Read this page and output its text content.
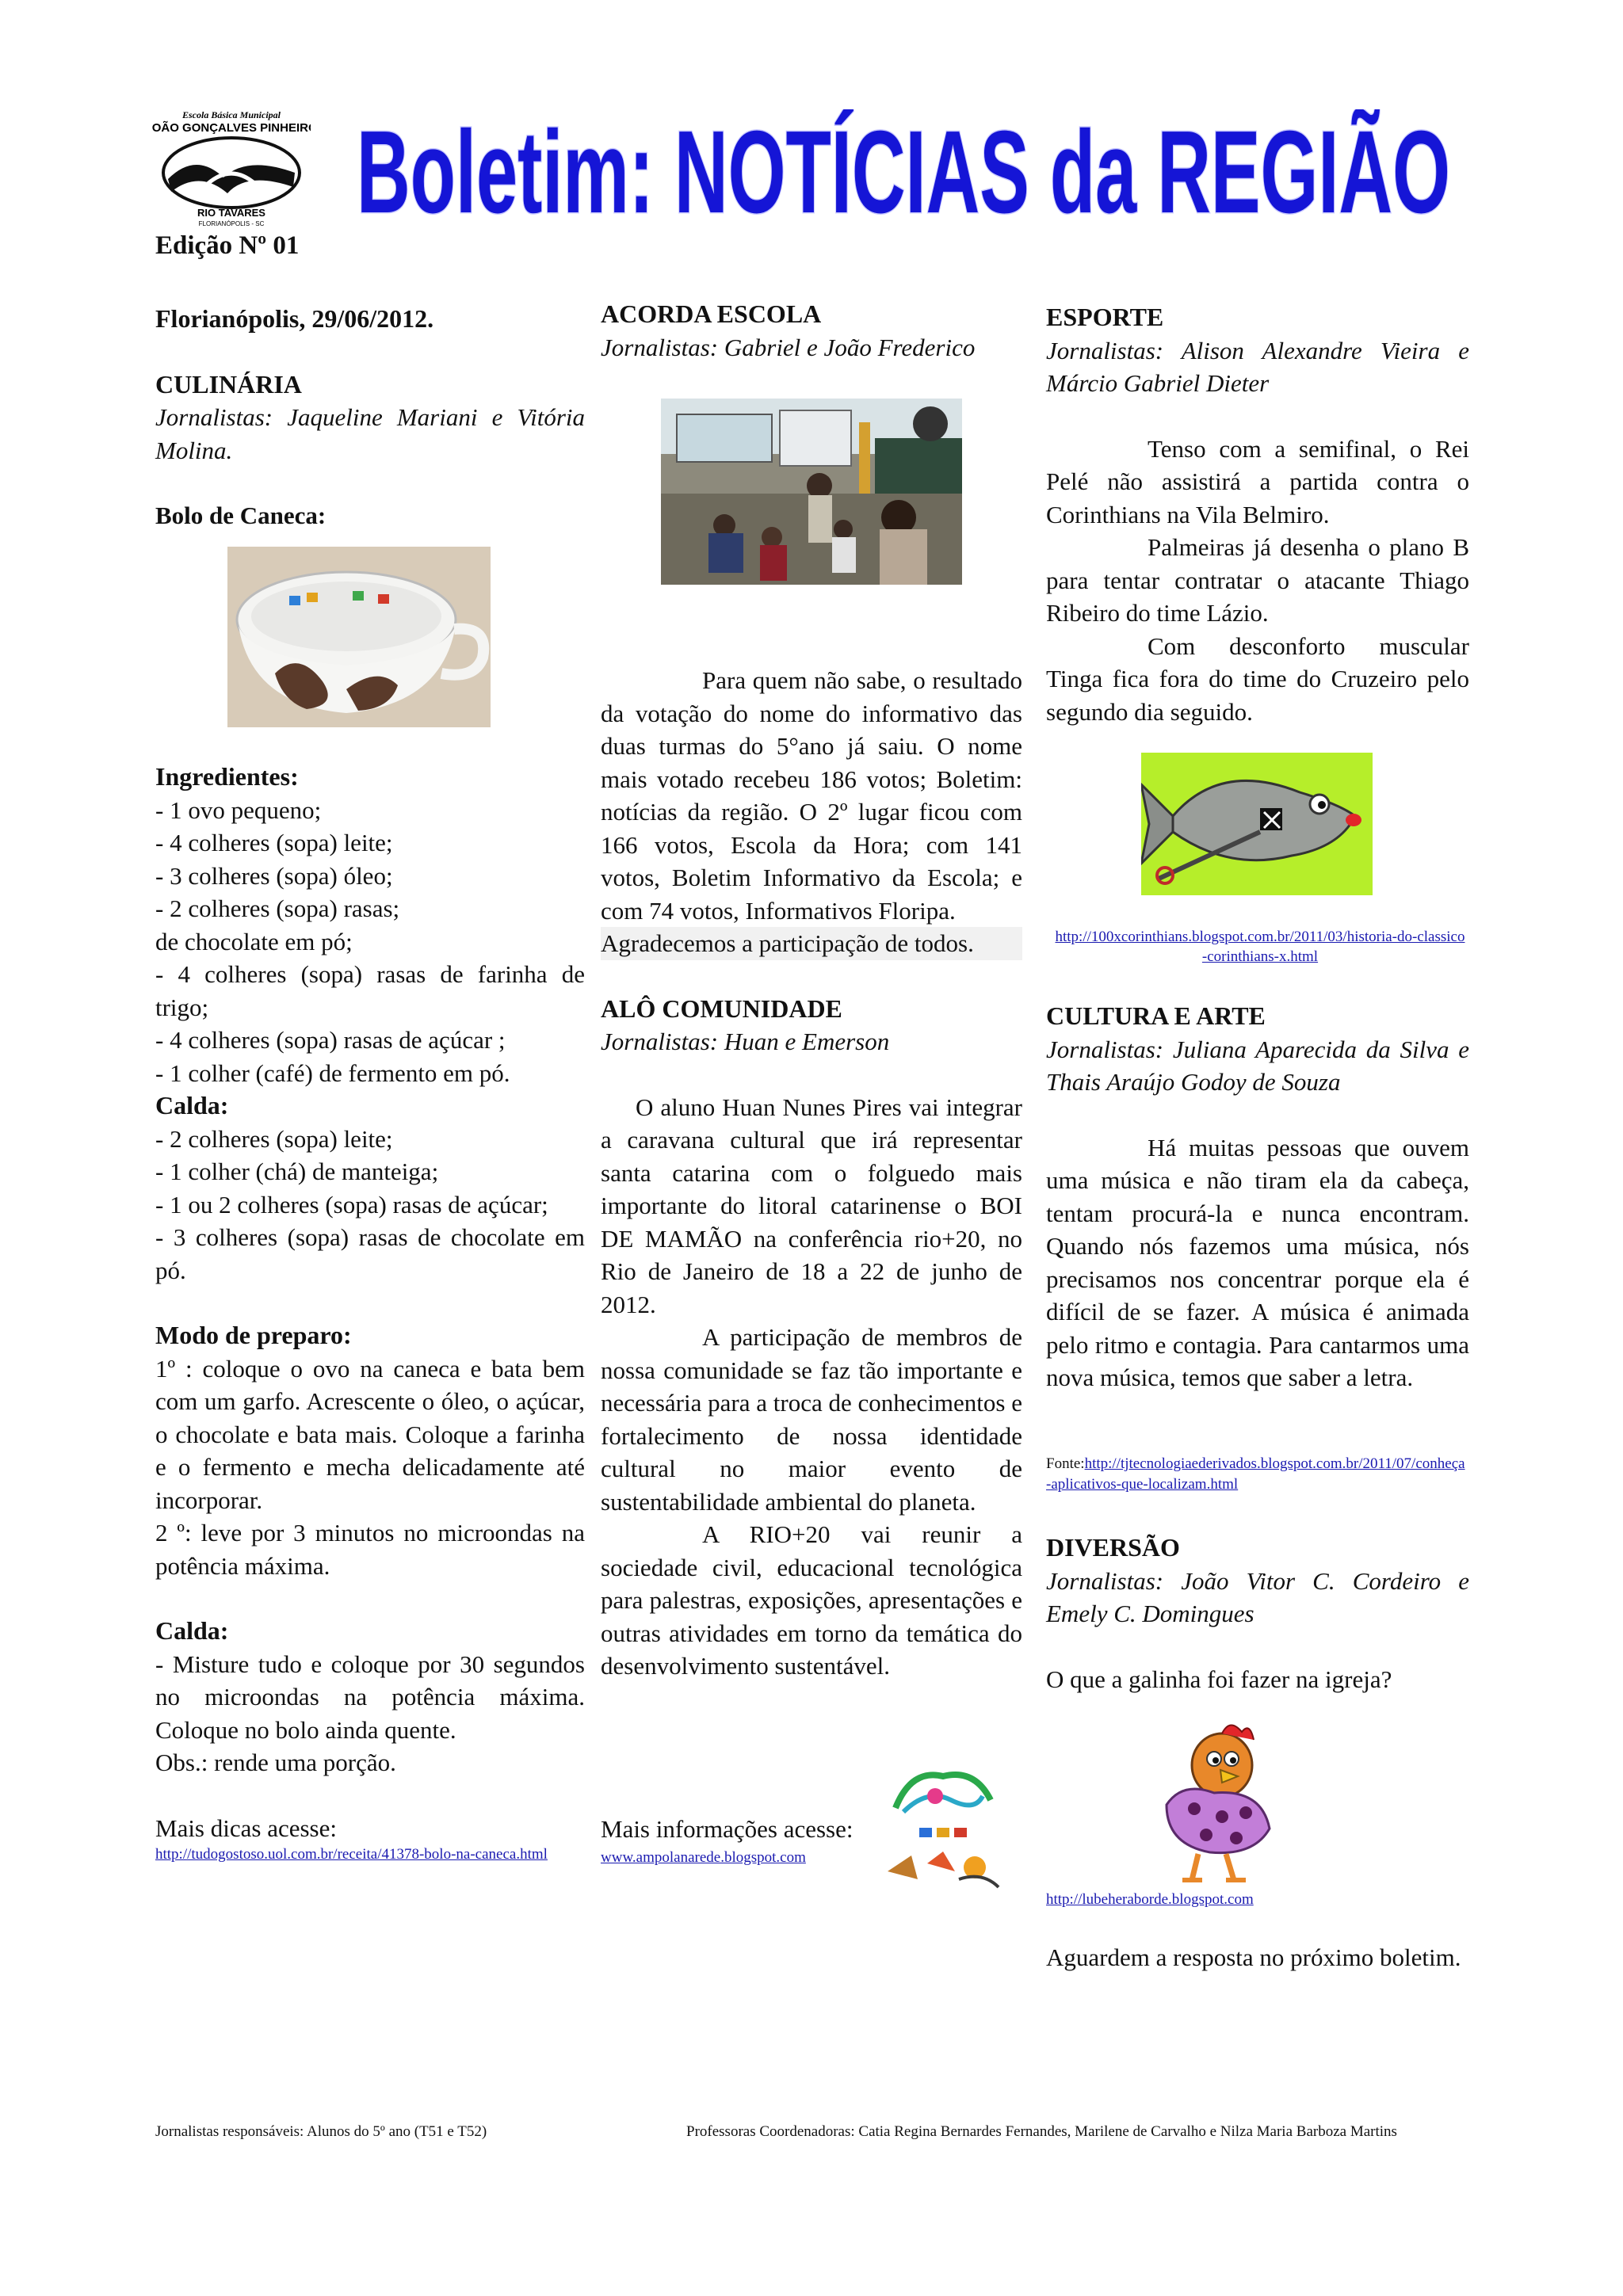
Escola Básica Municipal
JOÃO GONÇALVES PINHEIRO
RIO TAVARES
FLORIANÓPOLIS - SC Boletim: NOTÍCIAS da REGIÃO
Edição Nº 01

Florianópolis, 29/06/2012.

CULINÁRIA

Jornalistas: Jaqueline Mariani e Vitória Molina.

Bolo de Caneca:

Ingredientes:

- 1 ovo pequeno;

- 4 colheres (sopa) leite;

- 3 colheres (sopa) óleo;

- 2 colheres (sopa) rasas;

de chocolate em pó;

- 4 colheres (sopa) rasas de farinha de trigo;

- 4 colheres (sopa) rasas de açúcar ;

- 1 colher (café) de fermento em pó.

Calda:

- 2 colheres (sopa) leite;

- 1 colher (chá) de manteiga;

- 1 ou 2 colheres (sopa) rasas de açúcar;

- 3 colheres (sopa) rasas de chocolate em pó.

Modo de preparo:

1º : coloque o ovo na caneca e bata bem com um garfo. Acrescente o óleo, o açúcar, o chocolate e bata mais. Coloque a farinha e o fermento e mecha delicadamente até incorporar.

2 º: leve por 3 minutos no microondas na potência máxima.

Calda:

- Misture tudo e coloque por 30 segundos no microondas na potência máxima. Coloque no bolo ainda quente.

Obs.: rende uma porção.

Mais dicas acesse:

http://tudogostoso.uol.com.br/receita/41378-bolo-na-caneca.html

ACORDA ESCOLA

Jornalistas: Gabriel e João Frederico

Para quem não sabe, o resultado da votação do nome do informativo das duas turmas do 5°ano já saiu. O nome mais votado recebeu 186 votos; Boletim: notícias da região. O 2º lugar ficou com 166 votos, Escola da Hora; com 141 votos, Boletim Informativo da Escola; e com 74 votos, Informativos Floripa.

Agradecemos a participação de todos.

ALÔ COMUNIDADE

Jornalistas: Huan e Emerson

O aluno Huan Nunes Pires vai integrar a caravana cultural que irá representar santa catarina com o folguedo mais importante do litoral catarinense o BOI DE MAMÃO na conferência rio+20, no Rio de Janeiro de 18 a 22 de junho de 2012.

A participação de membros de nossa comunidade se faz tão importante e necessária para a troca de conhecimentos e fortalecimento de nossa identidade cultural no maior evento de sustentabilidade ambiental do planeta.

A RIO+20 vai reunir a sociedade civil, educacional tecnológica para palestras, exposições, apresentações e outras atividades em torno da temática do desenvolvimento sustentável.

Mais informações acesse:
www.ampolanarede.blogspot.com

ESPORTE

Jornalistas: Alison Alexandre Vieira e Márcio Gabriel Dieter

Tenso com a semifinal, o Rei Pelé não assistirá a partida contra o Corinthians na Vila Belmiro.

Palmeiras já desenha o plano B para tentar contratar o atacante Thiago Ribeiro do time Lázio.

Com desconforto muscular Tinga fica fora do time do Cruzeiro pelo segundo dia seguido.

http://100xcorinthians.blogspot.com.br/2011/03/historia-do-classico-corinthians-x.html

CULTURA E ARTE

Jornalistas: Juliana Aparecida da Silva e Thais Araújo Godoy de Souza

Há muitas pessoas que ouvem uma música e não tiram ela da cabeça, tentam procurá-la e nunca encontram. Quando nós fazemos uma música, nós precisamos nos concentrar porque ela é difícil de se fazer. A música é animada pelo ritmo e contagia. Para cantarmos uma nova música, temos que saber a letra.

Fonte:http://tjtecnologiaederivados.blogspot.com.br/2011/07/conheça-aplicativos-que-localizam.html

DIVERSÃO

Jornalistas: João Vitor C. Cordeiro e Emely C. Domingues

O que a galinha foi fazer na igreja?

http://lubeheraborde.blogspot.com

Aguardem a resposta no próximo boletim.

Jornalistas responsáveis: Alunos do 5º ano (T51 e T52)	Professoras Coordenadoras: Catia Regina Bernardes Fernandes, Marilene de Carvalho e Nilza Maria Barboza Martins
